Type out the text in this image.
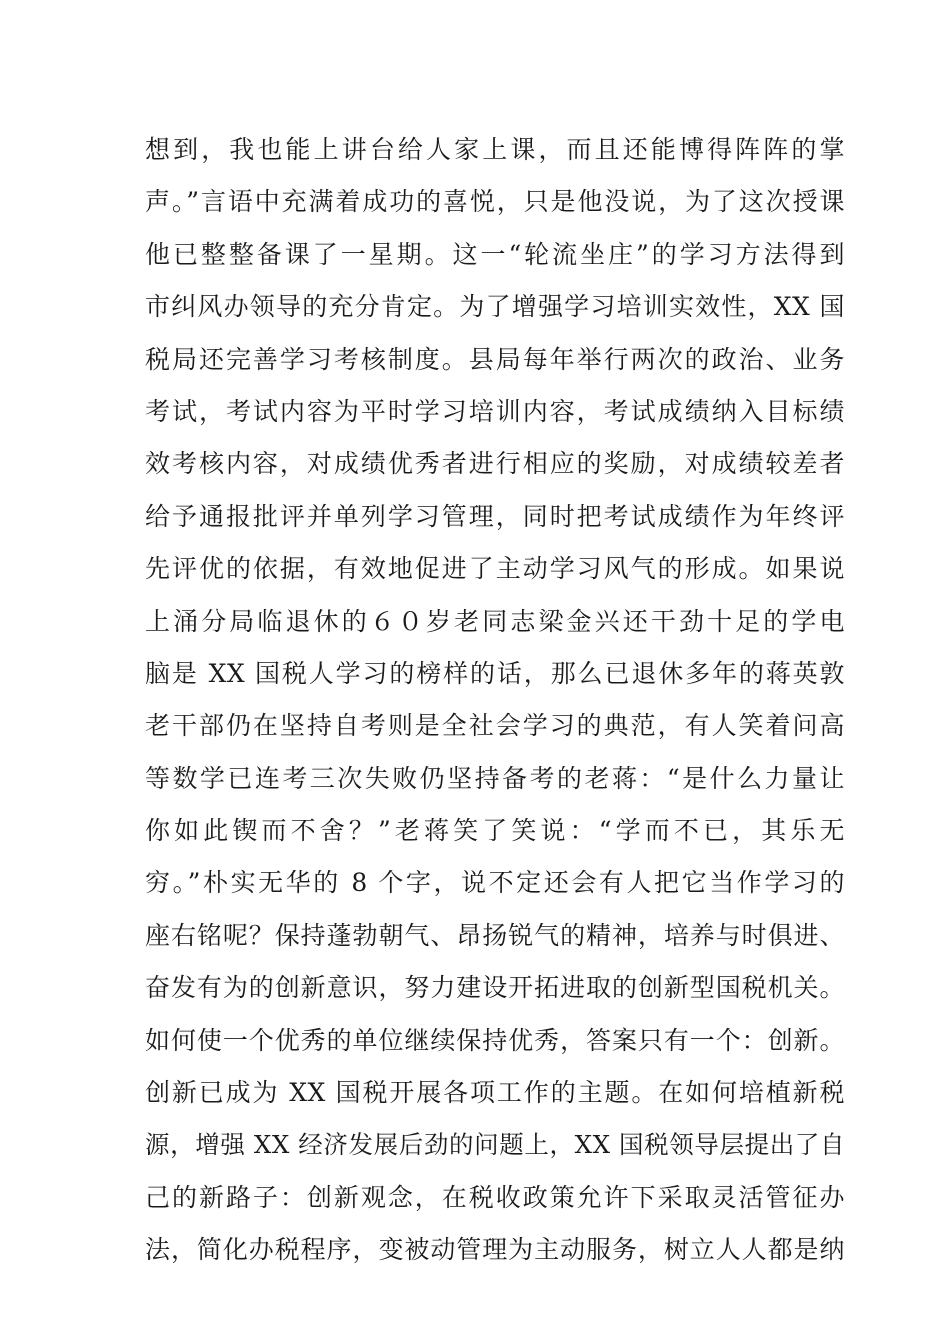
想到，我也能上讲台给人家上课，而且还能博得阵阵的掌
声。”言语中充满着成功的喜悦，只是他没说，为了这次授课
他已整整备课了一星期。这一“轮流坐庄”的学习方法得到
市纠风办领导的充分肯定。为了增强学习培训实效性，XX 国
税局还完善学习考核制度。县局每年举行两次的政治、业务
考试，考试内容为平时学习培训内容，考试成绩纳入目标绩
效考核内容，对成绩优秀者进行相应的奖励，对成绩较差者
给予通报批评并单列学习管理，同时把考试成绩作为年终评
先评优的依据，有效地促进了主动学习风气的形成。如果说
上涌分局临退休的６０岁老同志梁金兴还干劲十足的学电
脑是 XX 国税人学习的榜样的话，那么已退休多年的蒋英敦
老干部仍在坚持自考则是全社会学习的典范，有人笑着问高
等数学已连考三次失败仍坚持备考的老蒋：“是什么力量让
你如此锲而不舍？”老蒋笑了笑说：“学而不已，其乐无
穷。”朴实无华的 8 个字，说不定还会有人把它当作学习的
座右铭呢？保持蓬勃朝气、昂扬锐气的精神，培养与时俱进、
奋发有为的创新意识，努力建设开拓进取的创新型国税机关。
如何使一个优秀的单位继续保持优秀，答案只有一个：创新。
创新已成为 XX 国税开展各项工作的主题。在如何培植新税
源，增强 XX 经济发展后劲的问题上，XX 国税领导层提出了自
己的新路子：创新观念，在税收政策允许下采取灵活管征办
法，简化办税程序，变被动管理为主动服务，树立人人都是纳
